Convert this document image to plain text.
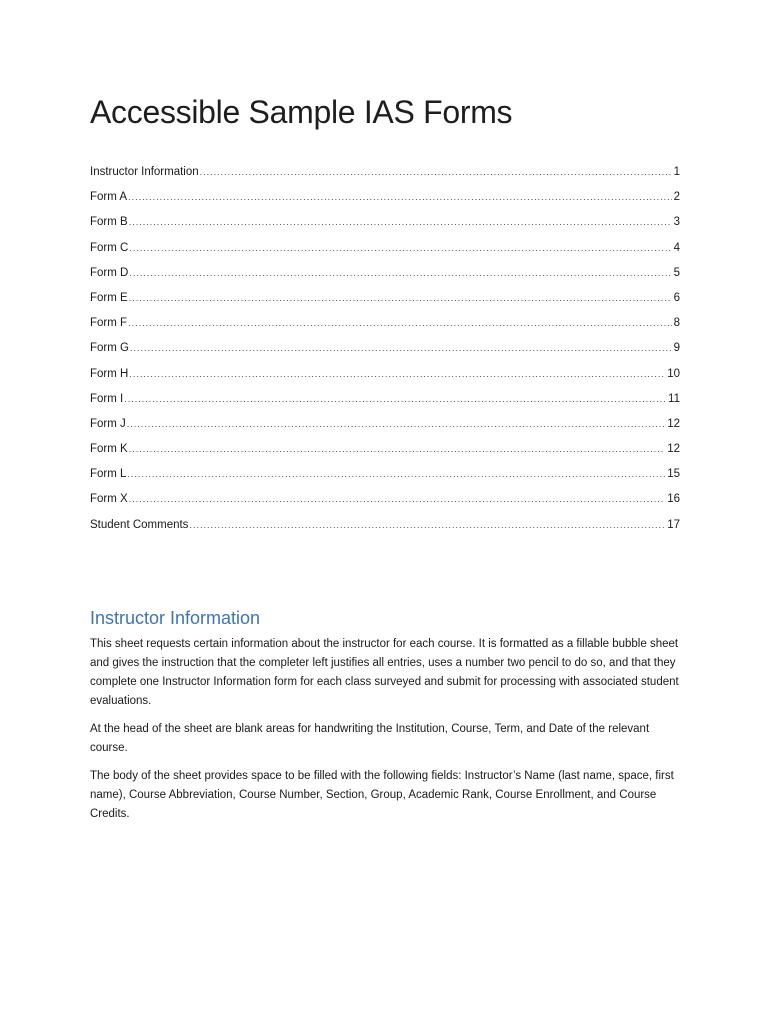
Accessible Sample IAS Forms
Instructor Information .....	1
Form A .....	2
Form B .....	3
Form C .....	4
Form D .....	5
Form E .....	6
Form F .....	8
Form G .....	9
Form H .....	10
Form I .....	11
Form J .....	12
Form K .....	12
Form L .....	15
Form X .....	16
Student Comments .....	17
Instructor Information

This sheet requests certain information about the instructor for each course. It is formatted as a fillable bubble sheet and gives the instruction that the completer left justifies all entries, uses a number two pencil to do so, and that they complete one Instructor Information form for each class surveyed and submit for processing with associated student evaluations.

At the head of the sheet are blank areas for handwriting the Institution, Course, Term, and Date of the relevant course.

The body of the sheet provides space to be filled with the following fields: Instructor’s Name (last name, space, first name), Course Abbreviation, Course Number, Section, Group, Academic Rank, Course Enrollment, and Course Credits.
